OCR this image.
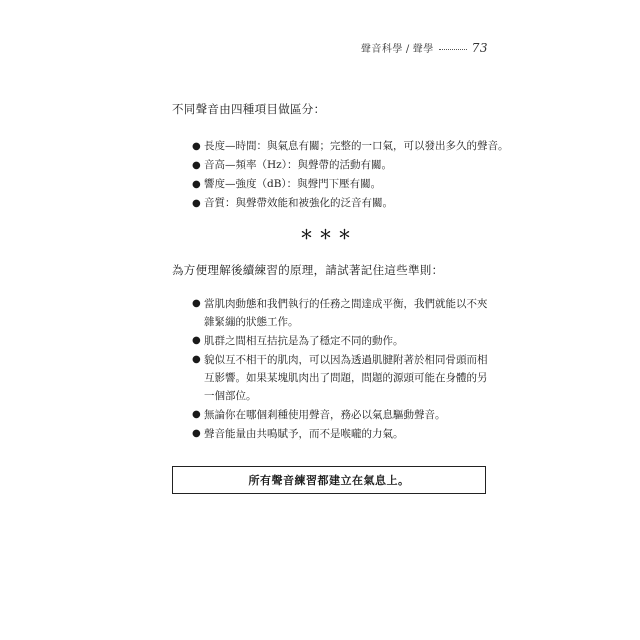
聲音科學 / 聲學	73
不同聲音由四種項目做區分：
● 長度—時間：與氣息有關；完整的一口氣，可以發出多久的聲音。
● 音高—頻率（Hz）：與聲帶的活動有關。
● 響度—強度（dB）：與聲門下壓有關。
● 音質：與聲帶效能和被強化的泛音有關。
＊＊＊
為方便理解後續練習的原理，請試著記住這些準則：
● 當肌肉動態和我們執行的任務之間達成平衡，我們就能以不夾雜緊繃的狀態工作。
● 肌群之間相互拮抗是為了穩定不同的動作。
● 貌似互不相干的肌肉，可以因為透過肌腱附著於相同骨頭而相互影響。如果某塊肌肉出了問題，問題的源頭可能在身體的另一個部位。
● 無論你在哪個剎種使用聲音，務必以氣息驅動聲音。
● 聲音能量由共鳴賦予，而不是喉嚨的力氣。
所有聲音練習都建立在氣息上。
